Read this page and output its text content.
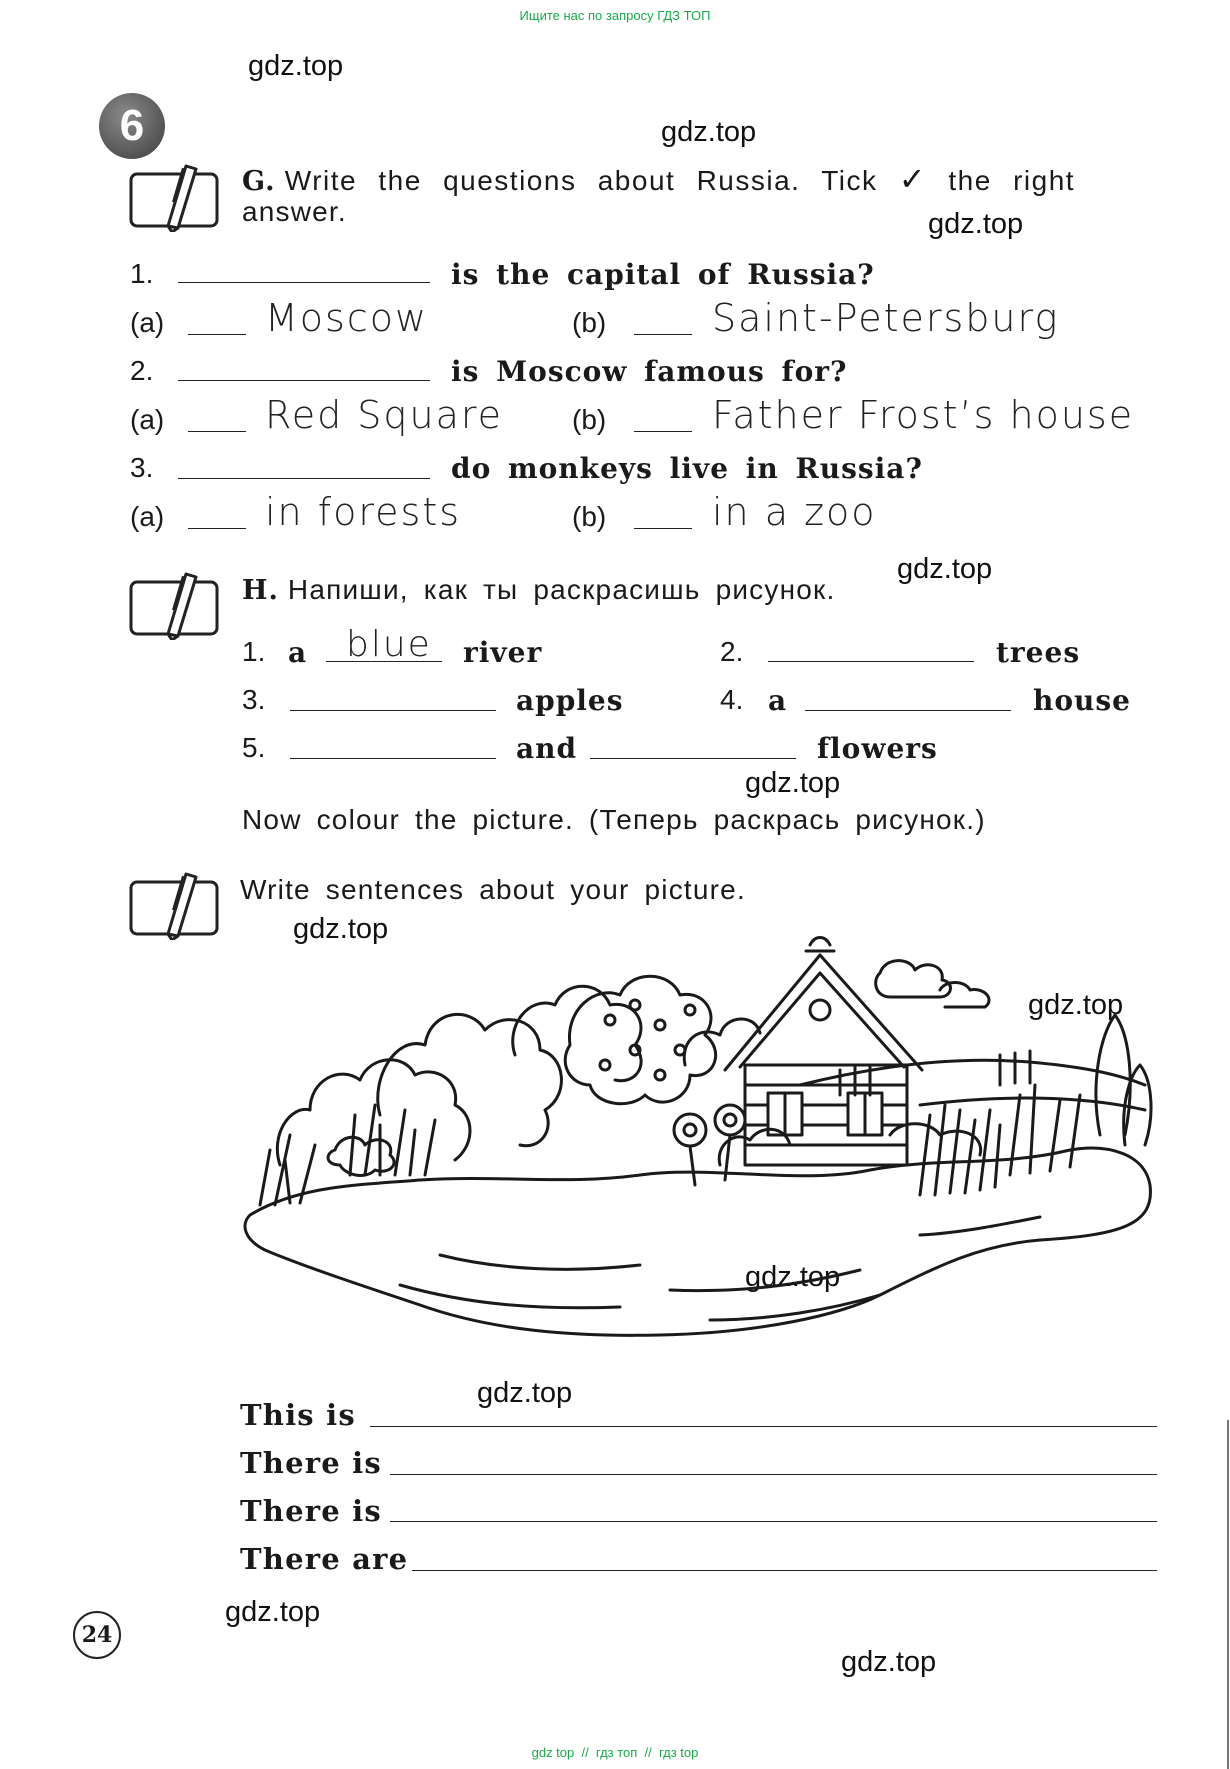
Ищите нас по запросу ГДЗ ТОП
gdz.top
gdz.top
gdz.top
gdz.top
gdz.top
gdz.top
gdz.top
gdz.top
gdz.top
gdz.top
gdz.top
6
G. Write the questions about Russia. Tick ✓ the right
answer.
1.	is the capital of Russia?
(a)	Moscow	(b)	Saint-Petersburg
2.	is Moscow famous for?
(a)	Red Square (b)	Father Frost’s house
3.	do monkeys live in Russia?
(a)	in forests	(b)	in a zoo
H. Напиши, как ты раскрасишь рисунок.
1. a blue river	2.	trees
3.	apples	4. a	house
5.	and	flowers
Now colour the picture. (Теперь раскрась рисунок.)
Write sentences about your picture.
This is
There is
There is
There are
24
gdz top  //  гдз топ  //  гдз top
